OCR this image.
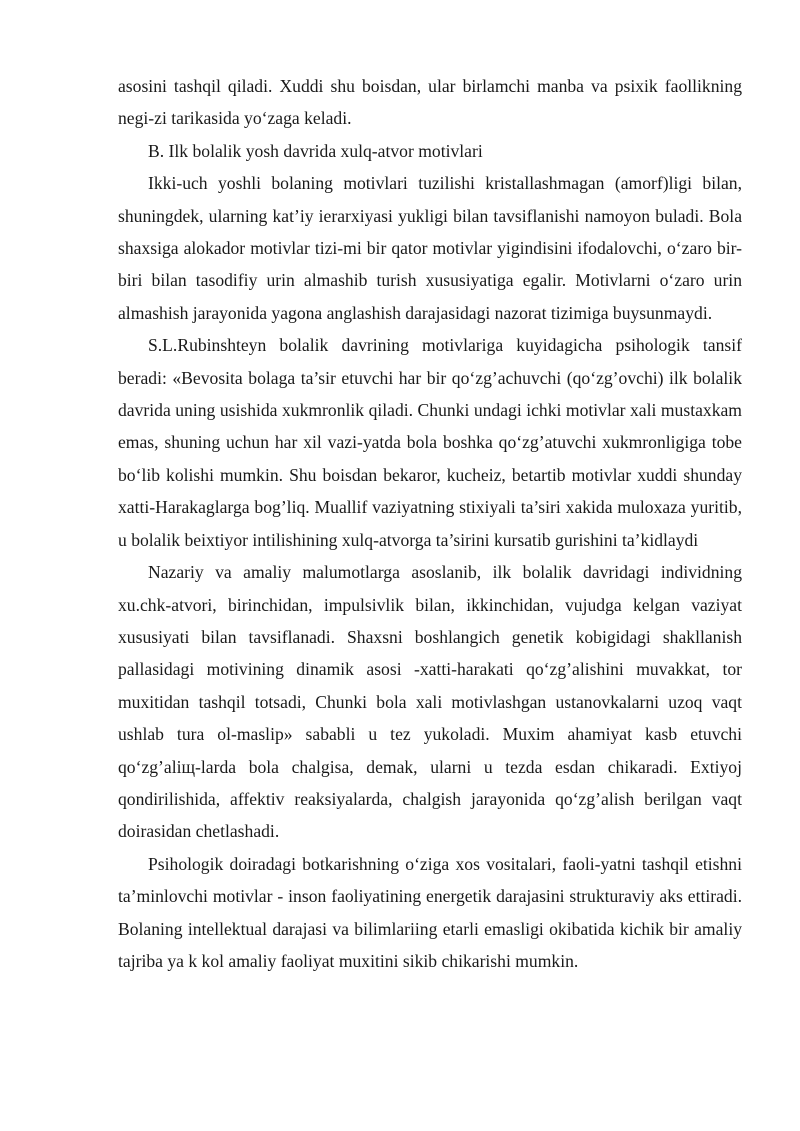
asosini tashqil qiladi. Xuddi shu boisdan, ular birlamchi manba va psixik faollikning negi-zi tarikasida yo‘zaga keladi.

B. Ilk bolalik yosh davrida xulq-atvor motivlari

Ikki-uch yoshli bolaning motivlari tuzilishi kristallashmagan (amorf)ligi bilan, shuningdek, ularning kat’iy ierarxiyasi yukligi bilan tavsiflanishi namoyon buladi. Bola shaxsiga alokador motivlar tizi-mi bir qator motivlar yigindisini ifodalovchi, o‘zaro bir-biri bilan tasodifiy urin almashib turish xususiyatiga egalir. Motivlarni o‘zaro urin almashish jarayonida yagona anglashish darajasidagi nazorat tizimiga buysunmaydi.

S.L.Rubinshteyn bolalik davrining motivlariga kuyidagicha psihologik tansif beradi: «Bevosita bolaga ta’sir etuvchi har bir qo‘zg’achuvchi (qo‘zg’ovchi) ilk bolalik davrida uning usishida xukmronlik qiladi. Chunki undagi ichki motivlar xali mustaxkam emas, shuning uchun har xil vazi-yatda bola boshka qo‘zg’atuvchi xukmronligiga tobe bo‘lib kolishi mumkin. Shu boisdan bekaror, kucheiz, betartib motivlar xuddi shunday xatti-Harakaglarga bog’liq. Muallif vaziyatning stixiyali ta’siri xakida muloxaza yuritib, u bolalik beixtiyor intilishining xulq-atvorga ta’sirini kursatib gurishini ta’kidlaydi

Nazariy va amaliy malumotlarga asoslanib, ilk bolalik davridagi individning xu.chk-atvori, birinchidan, impulsivlik bilan, ikkinchidan, vujudga kelgan vaziyat xususiyati bilan tavsiflanadi. Shaxsni boshlangich genetik kobigidagi shakllanish pallasidagi motivining dinamik asosi -xatti-harakati qo‘zg’alishini muvakkat, tor muxitidan tashqil totsadi, Chunki bola xali motivlashgan ustanovkalarni uzoq vaqt ushlab tura ol-maslip» sababli u tez yukoladi. Muxim ahamiyat kasb etuvchi qo‘zg’aliщ-larda bola chalgisa, demak, ularni u tezda esdan chikaradi. Extiyoj qondirilishida, affektiv reaksiyalarda, chalgish jarayonida qo‘zg’alish berilgan vaqt doirasidan chetlashadi.

Psihologik doiradagi botkarishning o‘ziga xos vositalari, faoli-yatni tashqil etishni ta’minlovchi motivlar - inson faoliyatining energetik darajasini strukturaviy aks ettiradi. Bolaning intellektual darajasi va bilimlariing etarli emasligi okibatida kichik bir amaliy tajriba ya k kol amaliy faoliyat muxitini sikib chikarishi mumkin.
